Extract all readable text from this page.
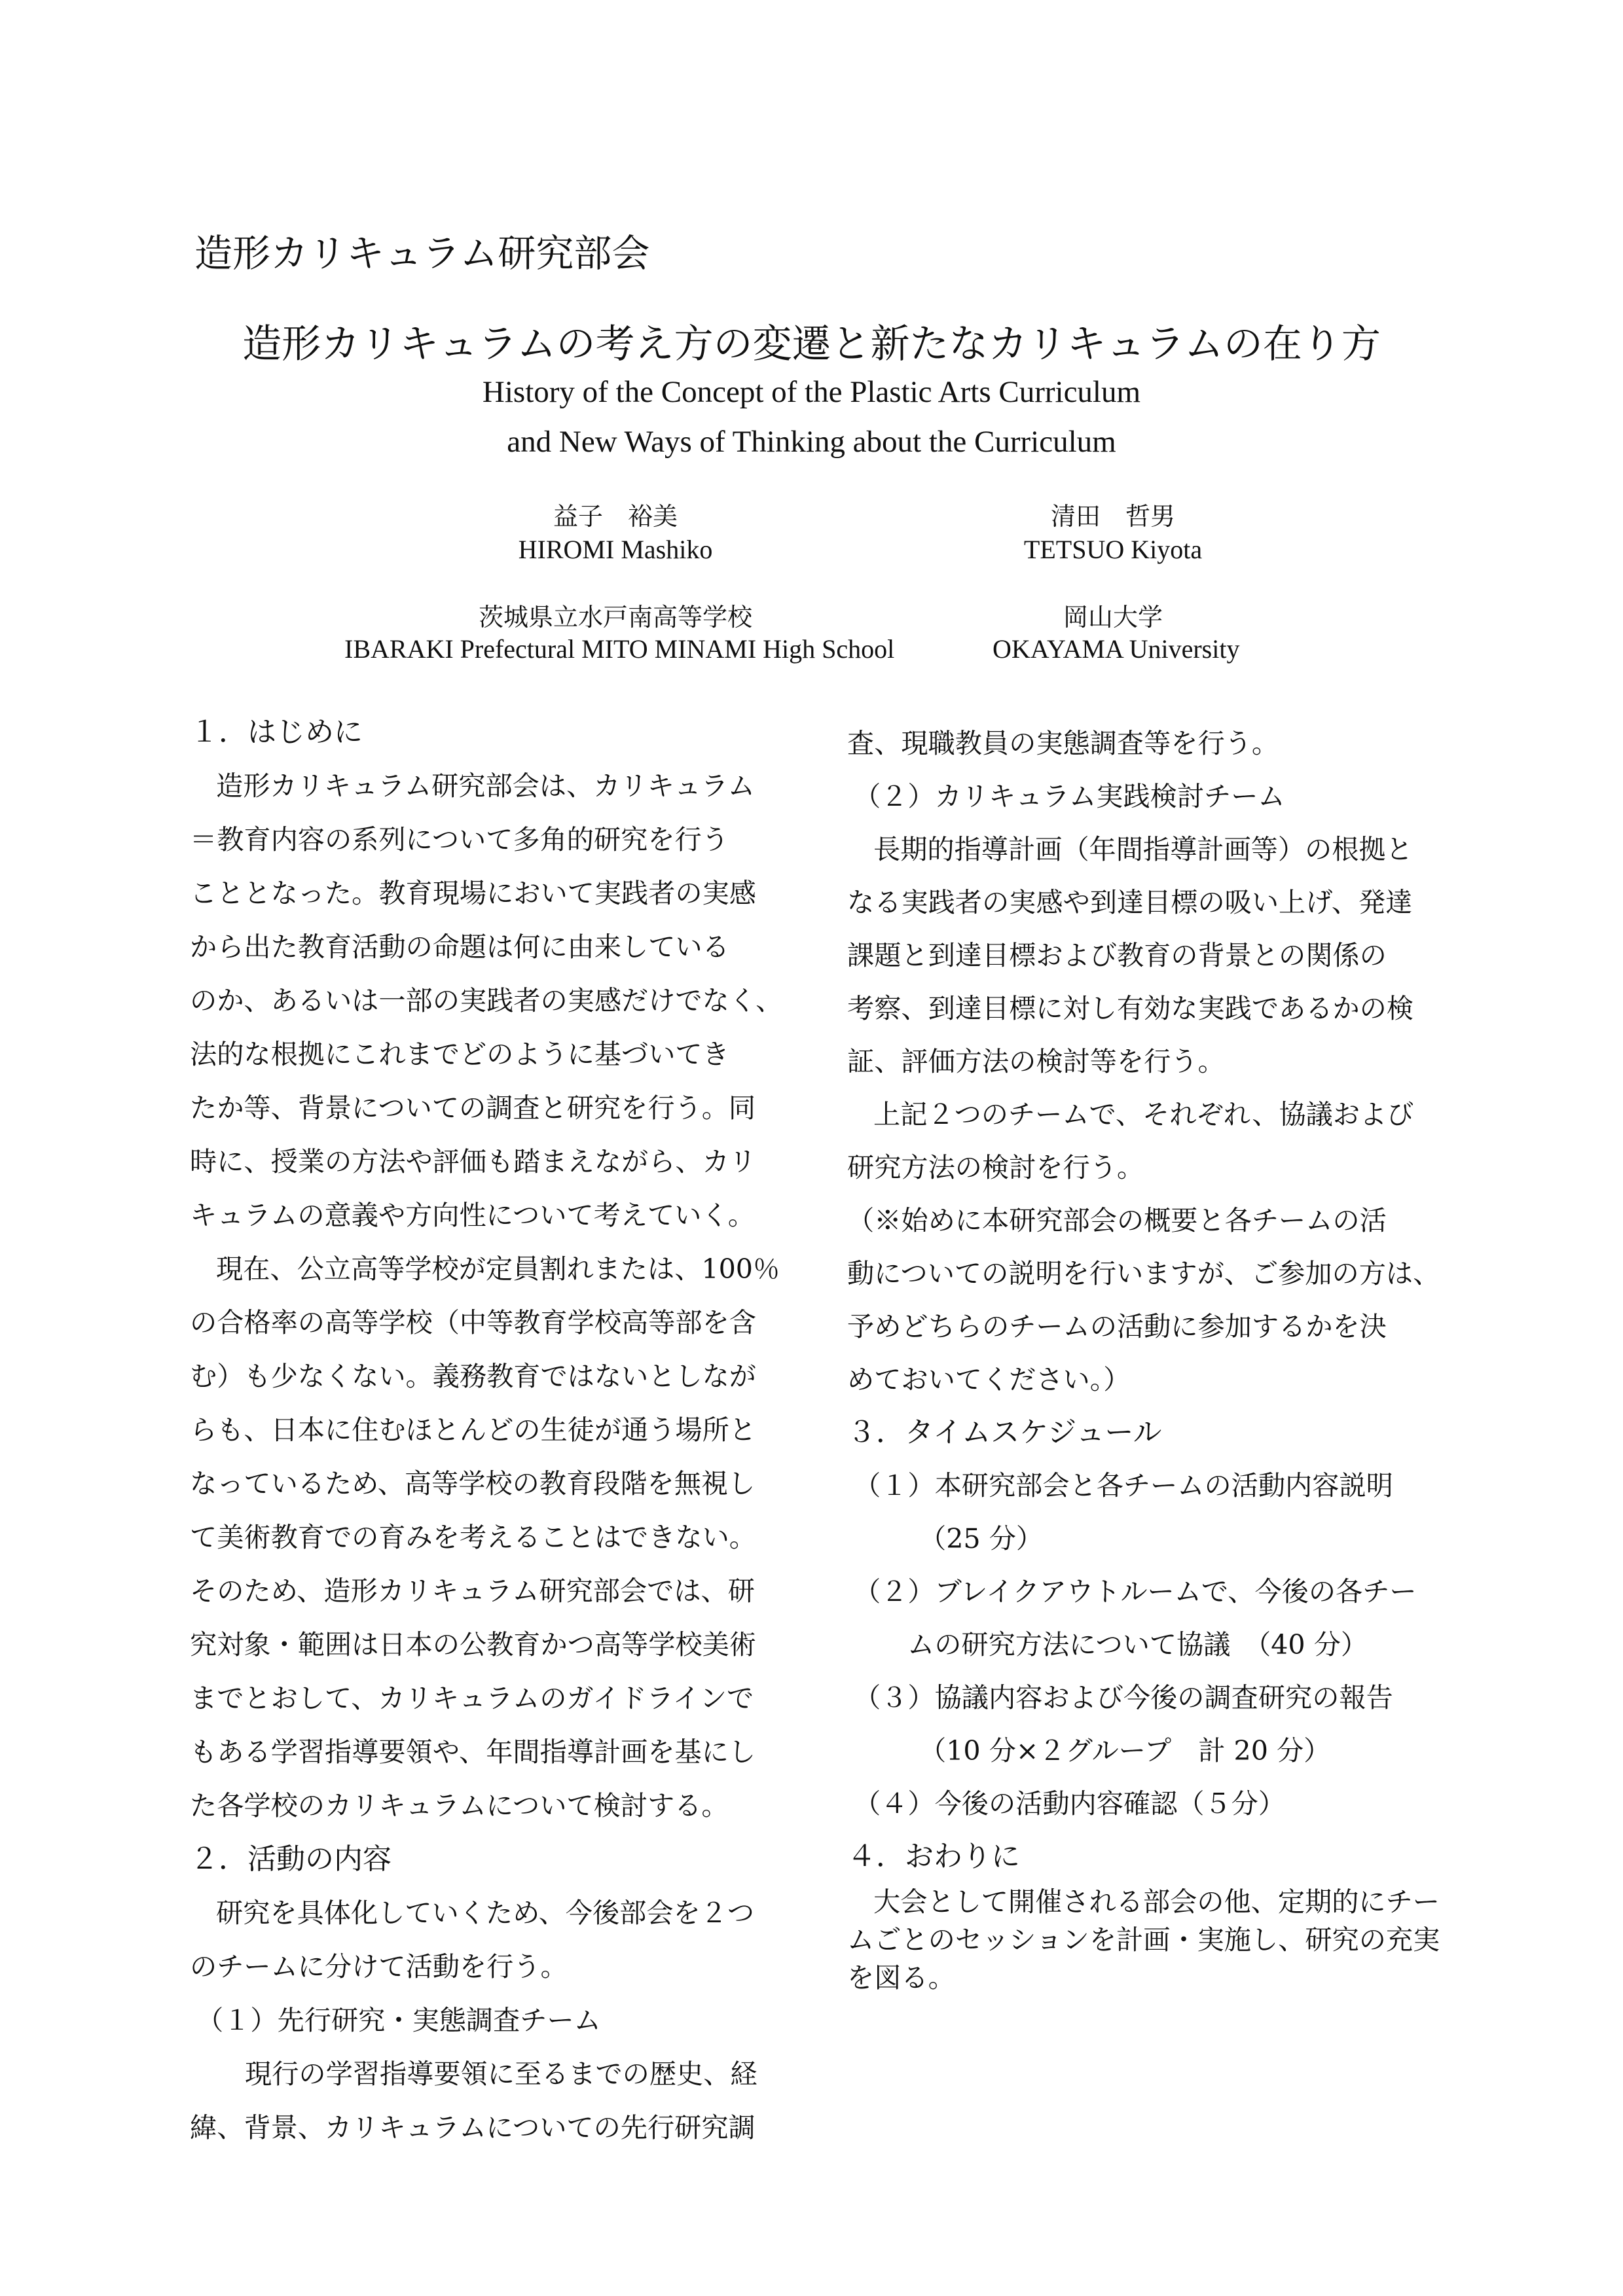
造形カリキュラム研究部会
造形カリキュラムの考え方の変遷と新たなカリキュラムの在り方
History of the Concept of the Plastic Arts Curriculum
and New Ways of Thinking about the Curriculum
益子　裕美
HIROMI Mashiko
茨城県立水戸南高等学校
IBARAKI Prefectural MITO MINAMI High School
清田　哲男
TETSUO Kiyota
岡山大学
OKAYAMA University
１．はじめに
造形カリキュラム研究部会は、カリキュラム
＝教育内容の系列について多角的研究を行う
こととなった。教育現場において実践者の実感
から出た教育活動の命題は何に由来している
のか、あるいは一部の実践者の実感だけでなく、
法的な根拠にこれまでどのように基づいてき
たか等、背景についての調査と研究を行う。同
時に、授業の方法や評価も踏まえながら、カリ
キュラムの意義や方向性について考えていく。
現在、公立高等学校が定員割れまたは、100％
の合格率の高等学校（中等教育学校高等部を含
む）も少なくない。義務教育ではないとしなが
らも、日本に住むほとんどの生徒が通う場所と
なっているため、高等学校の教育段階を無視し
て美術教育での育みを考えることはできない。
そのため、造形カリキュラム研究部会では、研
究対象・範囲は日本の公教育かつ高等学校美術
までとおして、カリキュラムのガイドラインで
もある学習指導要領や、年間指導計画を基にし
た各学校のカリキュラムについて検討する。
２．活動の内容
研究を具体化していくため、今後部会を２つ
のチームに分けて活動を行う。
（１）先行研究・実態調査チーム
現行の学習指導要領に至るまでの歴史、経
緯、背景、カリキュラムについての先行研究調
査、現職教員の実態調査等を行う。
（２）カリキュラム実践検討チーム
長期的指導計画（年間指導計画等）の根拠と
なる実践者の実感や到達目標の吸い上げ、発達
課題と到達目標および教育の背景との関係の
考察、到達目標に対し有効な実践であるかの検
証、評価方法の検討等を行う。
上記２つのチームで、それぞれ、協議および
研究方法の検討を行う。
（※始めに本研究部会の概要と各チームの活
動についての説明を行いますが、ご参加の方は、
予めどちらのチームの活動に参加するかを決
めておいてください。）
３．タイムスケジュール
（１）本研究部会と各チームの活動内容説明
（25 分）
（２）ブレイクアウトルームで、今後の各チー
ムの研究方法について協議　（40 分）
（３）協議内容および今後の調査研究の報告
（10 分×２グループ　計 20 分）
（４）今後の活動内容確認（５分）
４．おわりに
大会として開催される部会の他、定期的にチー
ムごとのセッションを計画・実施し、研究の充実
を図る。
